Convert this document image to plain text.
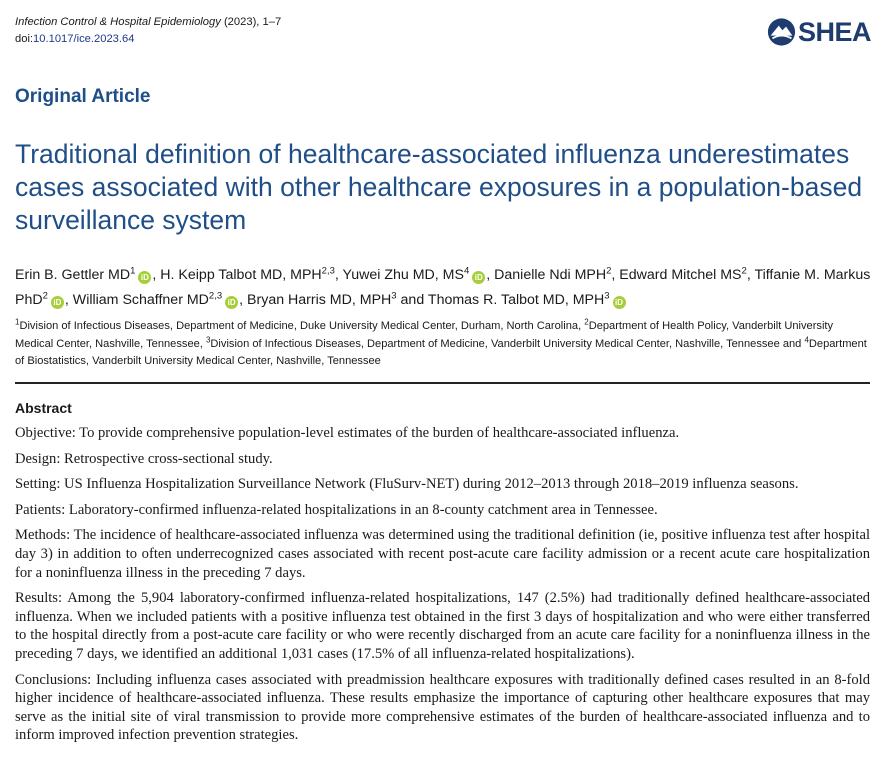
Infection Control & Hospital Epidemiology (2023), 1–7
doi:10.1017/ice.2023.64	SHEA
Original Article
Traditional definition of healthcare-associated influenza underestimates cases associated with other healthcare exposures in a population-based surveillance system
Erin B. Gettler $MD^1iD$ , H. Keipp Talbot MD, MPH$^{2,3}$, Yuwei Zhu MD, $MS^4iD$ , Danielle Ndi MPH$^2$, Edward Mitchel $MS^2$, Tiffanie M. Markus PhD$^2$iD , William Schaffner MD$^{2,3}$iD , Bryan Harris MD, MPH$^3$ and Thomas R. Talbot MD, MPH$^3$iD
$^1$Division of Infectious Diseases, Department of Medicine, Duke University Medical Center, Durham, North Carolina, $^2$Department of Health Policy, Vanderbilt University Medical Center, Nashville, Tennessee, $^3$Division of Infectious Diseases, Department of Medicine, Vanderbilt University Medical Center, Nashville, Tennessee and $^4$Department of Biostatistics, Vanderbilt University Medical Center, Nashville, Tennessee
Abstract

Objective: To provide comprehensive population-level estimates of the burden of healthcare-associated influenza.

Design: Retrospective cross-sectional study.

Setting: US Influenza Hospitalization Surveillance Network (FluSurv-NET) during 2012–2013 through 2018–2019 influenza seasons.

Patients: Laboratory-confirmed influenza-related hospitalizations in an 8-county catchment area in Tennessee.

Methods: The incidence of healthcare-associated influenza was determined using the traditional definition (ie, positive influenza test after hospital day 3) in addition to often underrecognized cases associated with recent post-acute care facility admission or a recent acute care hospitalization for a noninfluenza illness in the preceding 7 days.

Results: Among the 5,904 laboratory-confirmed influenza-related hospitalizations, 147 (2.5%) had traditionally defined healthcare-associated influenza. When we included patients with a positive influenza test obtained in the first 3 days of hospitalization and who were either transferred to the hospital directly from a post-acute care facility or who were recently discharged from an acute care facility for a noninfluenza illness in the preceding 7 days, we identified an additional 1,031 cases (17.5% of all influenza-related hospitalizations).

Conclusions: Including influenza cases associated with preadmission healthcare exposures with traditionally defined cases resulted in an 8-fold higher incidence of healthcare-associated influenza. These results emphasize the importance of capturing other healthcare exposures that may serve as the initial site of viral transmission to provide more comprehensive estimates of the burden of healthcare-associated influenza and to inform improved infection prevention strategies.
